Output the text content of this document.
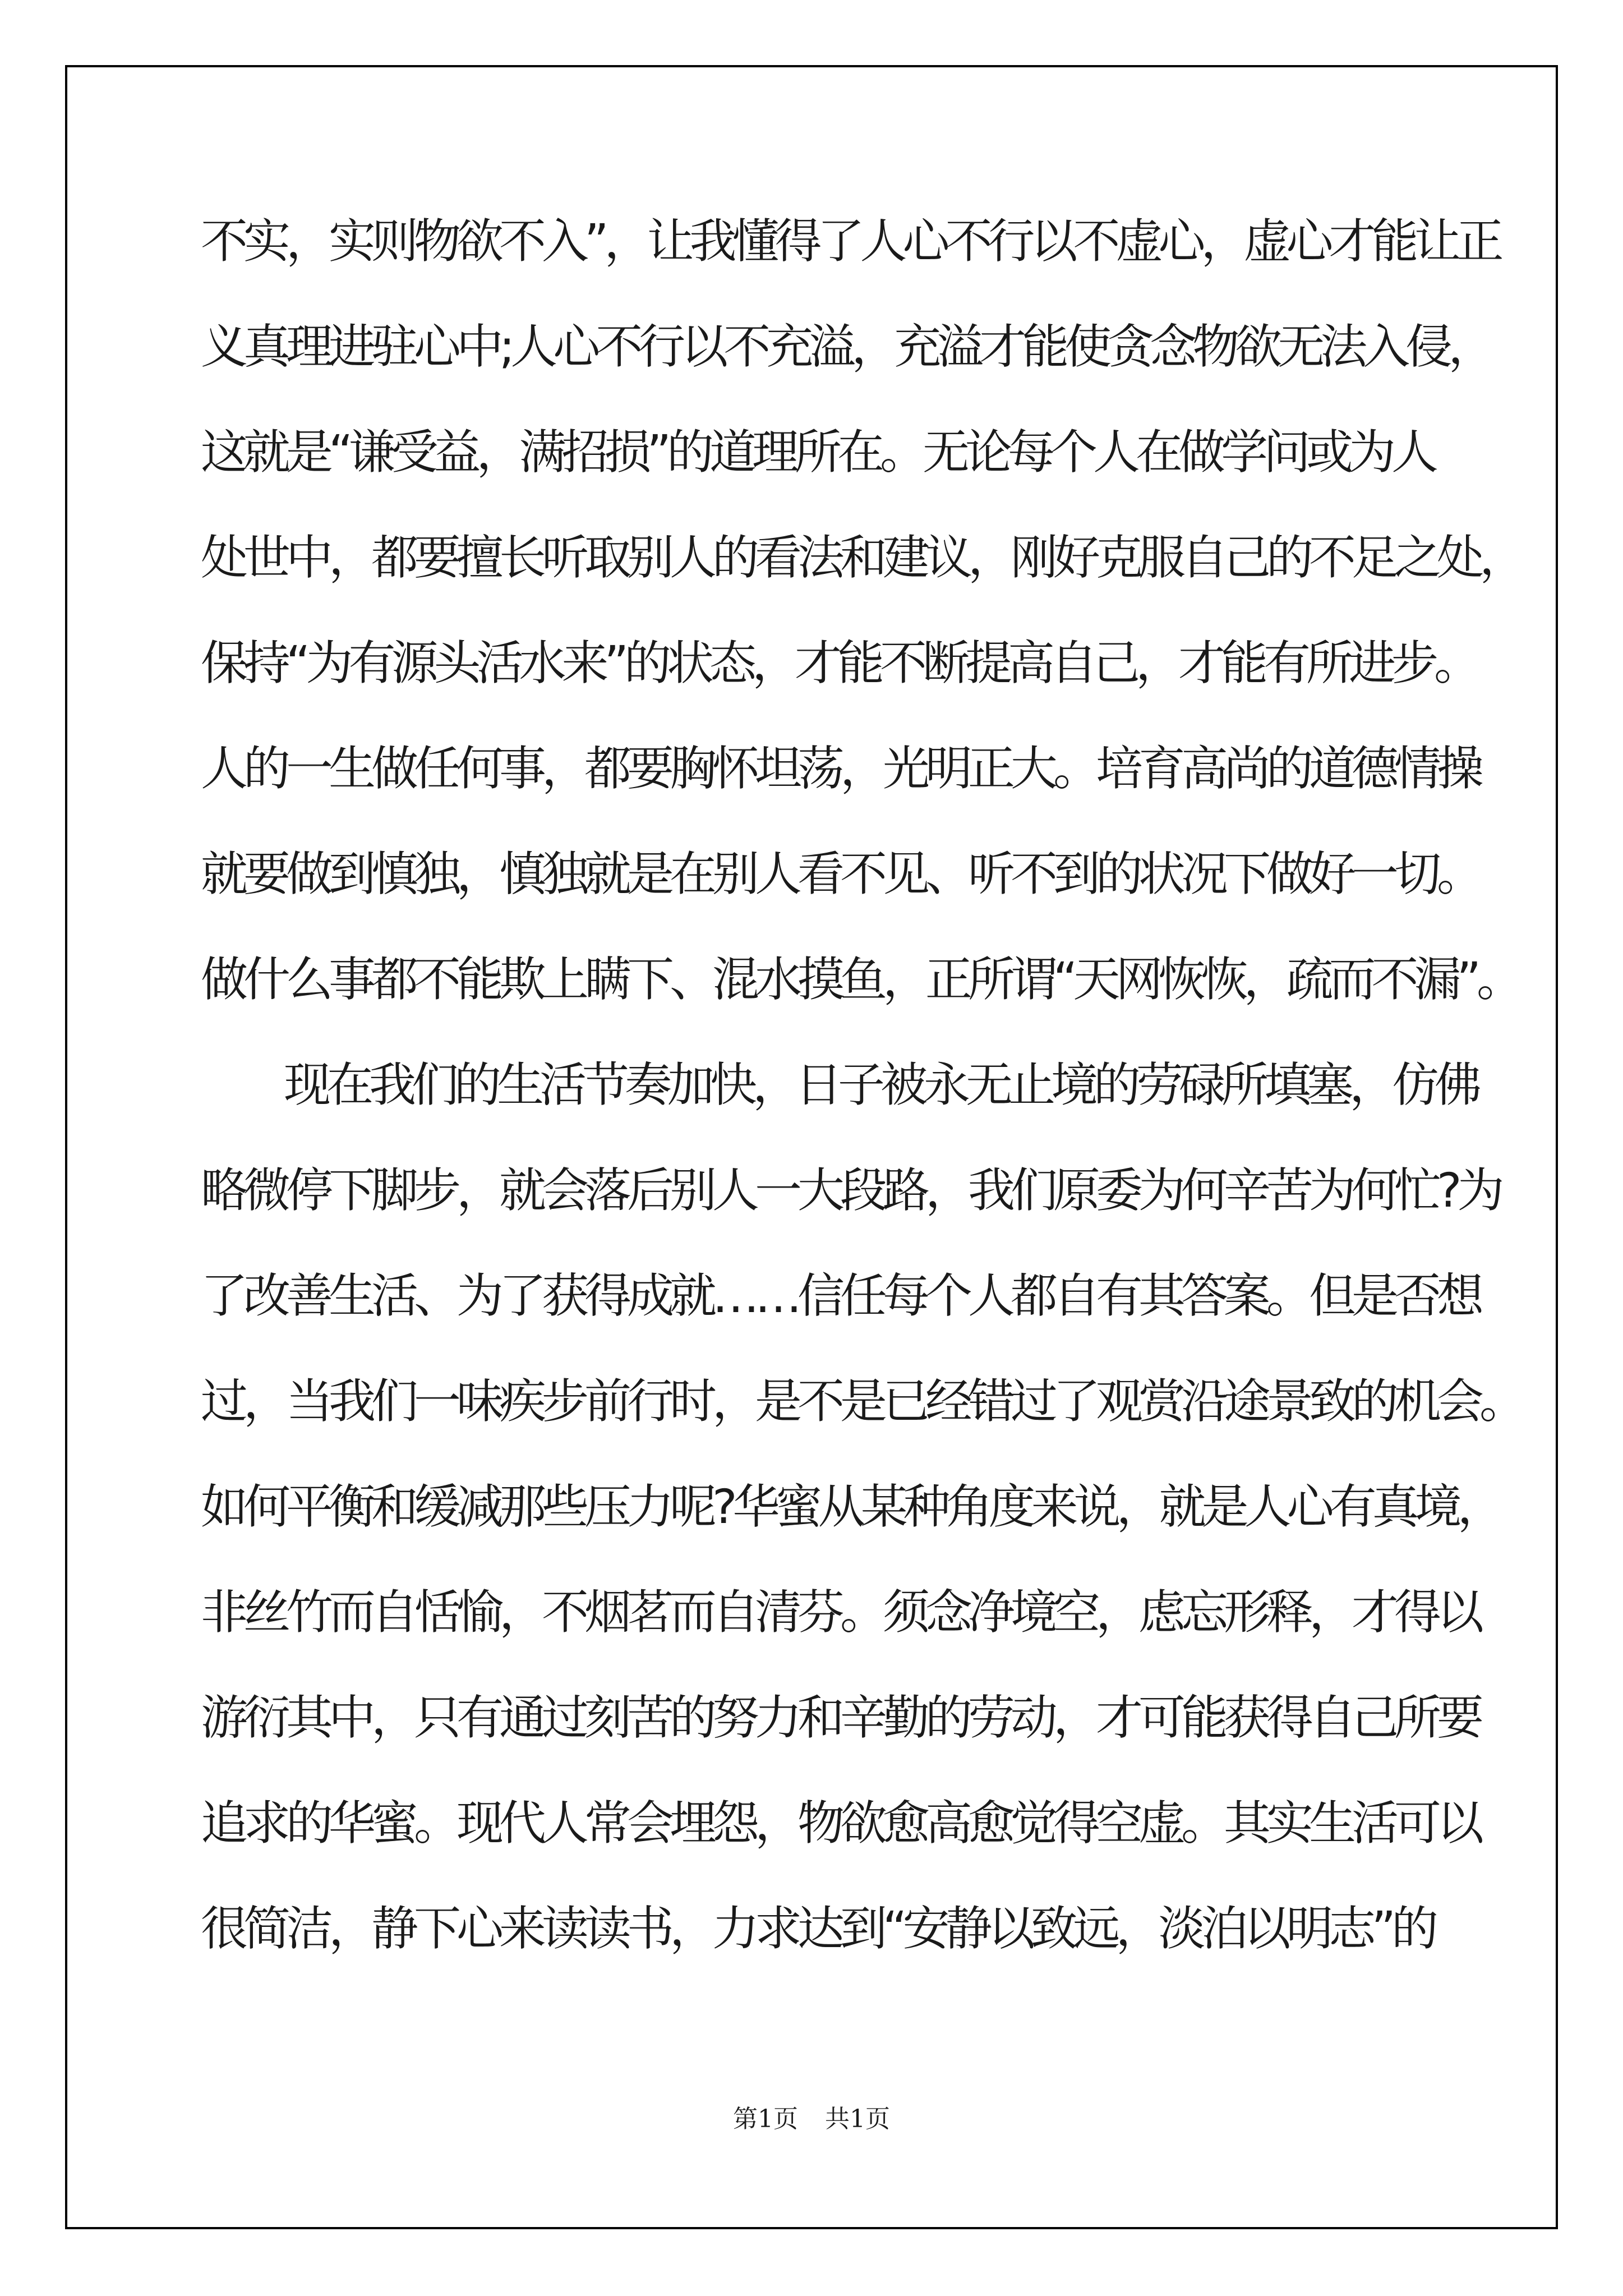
不实，实则物欲不入”，让我懂得了人心不行以不虚心，虚心才能让正
义真理进驻心中;人心不行以不充溢，充溢才能使贪念物欲无法入侵，
这就是“谦受益，满招损”的道理所在。无论每个人在做学问或为人
处世中，都要擅长听取别人的看法和建议，刚好克服自己的不足之处，
保持“为有源头活水来”的状态，才能不断提高自己，才能有所进步。
人的一生做任何事，都要胸怀坦荡，光明正大。培育高尚的道德情操
就要做到慎独，慎独就是在别人看不见、听不到的状况下做好一切。
做什么事都不能欺上瞒下、混水摸鱼，正所谓“天网恢恢，疏而不漏”。
现在我们的生活节奏加快，日子被永无止境的劳碌所填塞，仿佛
略微停下脚步，就会落后别人一大段路，我们原委为何辛苦为何忙?为
了改善生活、为了获得成就……信任每个人都自有其答案。但是否想
过，当我们一味疾步前行时，是不是已经错过了观赏沿途景致的机会。
如何平衡和缓减那些压力呢?华蜜从某种角度来说，就是人心有真境，
非丝竹而自恬愉，不烟茗而自清芬。须念净境空，虑忘形释，才得以
游衍其中，只有通过刻苦的努力和辛勤的劳动，才可能获得自己所要
追求的华蜜。现代人常会埋怨，物欲愈高愈觉得空虚。其实生活可以
很简洁，静下心来读读书，力求达到“安静以致远，淡泊以明志”的
第1页 共1页
